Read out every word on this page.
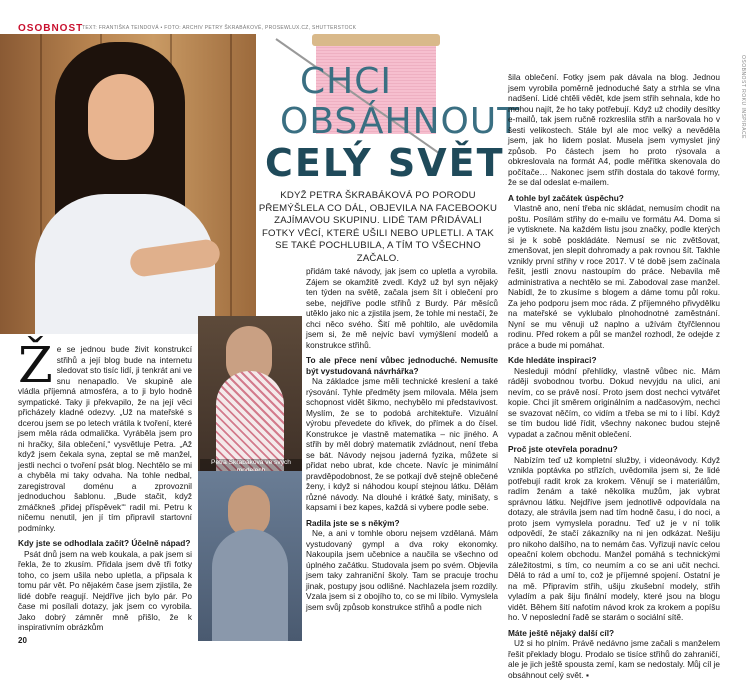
OSOBNOST
TEXT: FRANTIŠKA TEINDOVÁ • FOTO: ARCHIV PETRY ŠKRABÁKOVÉ, PROSEWLUX.CZ, SHUTTERSTOCK
OSOBNOST ROKU INSPIRACE
CHCI
OBSÁHNOUT
CELÝ SVĚT
KDYŽ PETRA ŠKRABÁKOVÁ PO PORODU PŘEMÝŠLELA CO DÁL, OBJEVILA NA FACEBOOKU ZAJÍMAVOU SKUPINU. LIDÉ TAM PŘIDÁVALI FOTKY VĚCÍ, KTERÉ UŠILI NEBO UPLETLI. A TAK SE TAKÉ POCHLUBILA, A TÍM TO VŠECHNO ZAČALO.
Ž e se jednou bude živit konstrukcí střihů a její blog bude na internetu sledovat sto tisíc lidí, ji tenkrát ani ve snu nenapadlo. Ve skupině ale vládla příjemná atmosféra, a to ji bylo hodně sympatické. Taky ji překvapilo, že na její věci přicházely kladné odezvy. „Už na mateřské s dcerou jsem se po letech vrátila k tvoření, které jsem měla ráda odmalička. Vyráběla jsem pro ni hračky, šila oblečení,“ vysvětluje Petra. „Až když jsem čekala syna, zeptal se mě manžel, jestli nechci o tvoření psát blog. Nechtělo se mi a chyběla mi taky odvaha. Na tohle nedbal, zaregistroval doménu a zprovoznil jednoduchou šablonu. „Bude stačit, když zmáčkneš ‚přidej příspěvek‘“ radil mi. Petru k ničemu nenutil, jen jí tím připravil startovní podmínky.

Kdy jste se odhodlala začít? Účelně nápad?

Psát dnů jsem na web koukala, a pak jsem si řekla, že to zkusím. Přidala jsem dvě tři fotky toho, co jsem ušila nebo upletla, a připsala k tomu pár vět. Po nějakém čase jsem zjistila, že lidé dobře reagují. Nejdříve jich bylo pár. Po čase mi posílali dotazy, jak jsem co vyrobila. Jako dobrý zámněr mně přišlo, že k inspirativním obrázkům

Petra Škrabáková ve svých

přidám také návody, jak jsem co upletla a vyrobila. Zájem se okamžitě zvedl. Když už byl syn nějaký ten týden na světě, začala jsem šít i oblečení pro sebe, nejdříve podle střihů z Burdy. Pár měsíců utěklo jako nic a zjistila jsem, že tohle mi nestačí, že chci něco svého. Šití mě pohltilo, ale uvědomila jsem si, že mě nejvíc baví vymýšlení modelů a konstrukce střihů.

To ale přece není vůbec jednoduché. Nemusíte být vystudovaná návrhářka?

Na základce jsme měli technické kreslení a také rýsování. Tyhle předměty jsem milovala. Měla jsem schopnost vidět šikmo, nechybělo mi představivost. Myslím, že se to podobá architektuře. Vizuální výrobu převedete do křivek, do přímek a do čísel. Konstrukce je vlastně matematika – nic jiného. A střih by měl dobrý matematik zvládnout, není třeba se bát. Návody nejsou jaderná fyzika, můžete si přidat nebo ubrat, kde chcete. Navíc je minimální pravděpodobnost, že se potkají dvě stejně oblečené ženy, i když si náhodou koupí stejnou látku. Dělám různé návody. Na dlouhé i krátké šaty, minišaty, s kapsami i bez kapes, každá si vybere podle sebe.

Radila jste se s někým?

Ne, a ani v tomhle oboru nejsem vzdělaná. Mám vystudovaný gympl a dva roky ekonomky. Nakoupila jsem učebnice a naučila se všechno od úplného začátku. Studovala jsem po svém. Objevila jsem taky zahraniční školy. Tam se pracuje trochu jinak, postupy jsou odlišné. Nachlazela jsem rozdíly. Vzala jsem si z obojího to, co se mi líbilo. Vymyslela jsem svůj způsob konstrukce střihů a podle nich

šila oblečení. Fotky jsem pak dávala na blog. Jednou jsem vyrobila poměrně jednoduché šaty a strhla se vlna nadšení. Lidé chtěli vědět, kde jsem střih sehnala, kde ho mohou najít, že ho taky potřebují. Když už chodily desítky e-mailů, tak jsem ručně rozkreslila střih a naršovala ho v šesti velikostech. Stále byl ale moc velký a nevěděla jsem, jak ho lidem poslat. Musela jsem vymyslet jiný způsob. Po částech jsem ho proto rýsovala a obkreslovala na formát A4, podle měřítka skenovala do počítače… Nakonec jsem střih dostala do takové formy, že se dal odeslat e-mailem.

A tohle byl začátek úspěchu?

Vlastně ano, není třeba nic skládat, nemusím chodit na poštu. Posílám střihy do e-mailu ve formátu A4. Doma si je vytisknete. Na každém listu jsou značky, podle kterých si je k sobě poskládáte. Nemusí se nic zvětšovat, zmenšovat, jen slepit dohromady a pak rovnou šít. Takhle vznikly první střihy v roce 2017. V té době jsem začínala řešit, jestli znovu nastoupím do práce. Nebavila mě administrativa a nechtělo se mi. Zabodoval zase manžel. Nabídl, že to zkusíme s blogem a dáme tomu půl roku. Za jeho podporu jsem moc ráda. Z příjemného přivydělku na mateřské se vyklubalo plnohodnotné zaměstnání. Nyní se mu věnuji už naplno a užívám čtyřčlennou rodinu. Před rokem a půl se manžel rozhodl, že odejde z práce a bude mi pomáhat.

Kde hledáte inspiraci?

Nesleduji módní přehlídky, vlastně vůbec nic. Mám ráději svobodnou tvorbu. Dokud nevyjdu na ulici, ani nevím, co se právě nosí. Proto jsem dost nechci vytvářet kopie. Chci jít směrem originálním a nadčasovým, nechci se svazovat něčím, co vidím a třeba se mi to i líbí. Když se tím budou lidé řídit, všechny nakonec budou stejně vypadat a začnou měnit oblečení.

Proč jste otevřela poradnu?

Nabízím teď už kompletní služby, i videonávody. Když vznikla poptávka po střizích, uvědomila jsem si, že lidé potřebují radit krok za krokem. Věnují se i materiálům, radím ženám a také několika mužům, jak vybrat správnou látku. Nejdříve jsem jednotlivě odpovídala na dotazy, ale strávila jsem nad tím hodně času, i do noci, a proto jsem vymyslela poradnu. Teď už je v ní tolik odpovědí, že stačí zákazníky na ni jen odkázat. Nešiju pro nikoho dalšího, na to nemám čas. Vyřizuji navíc celou opeační kolem obchodu. Manžel pomáhá s technickými záležitostmi, s tím, co neumím a co se ani učit nechci. Dělá to rád a umí to, což je příjemné spojení. Ostatní je na mě. Připravím střih, ušiju zkušební modely, střih vyladím a pak šiju finální modely, které jsou na blogu vidět. Během šití nafotím návod krok za krokem a popíšu ho. V neposlední řadě se starám o sociální sítě.

Máte ještě nějaký další cíl?

Už si ho plním. Právě nedávno jsme začali s manželem řešit překlady blogu. Prodalo se tisíce střihů do zahraničí, ale je jich ještě spousta zemí, kam se nedostaly. Můj cíl je obsáhnout celý svět. ▪

20
